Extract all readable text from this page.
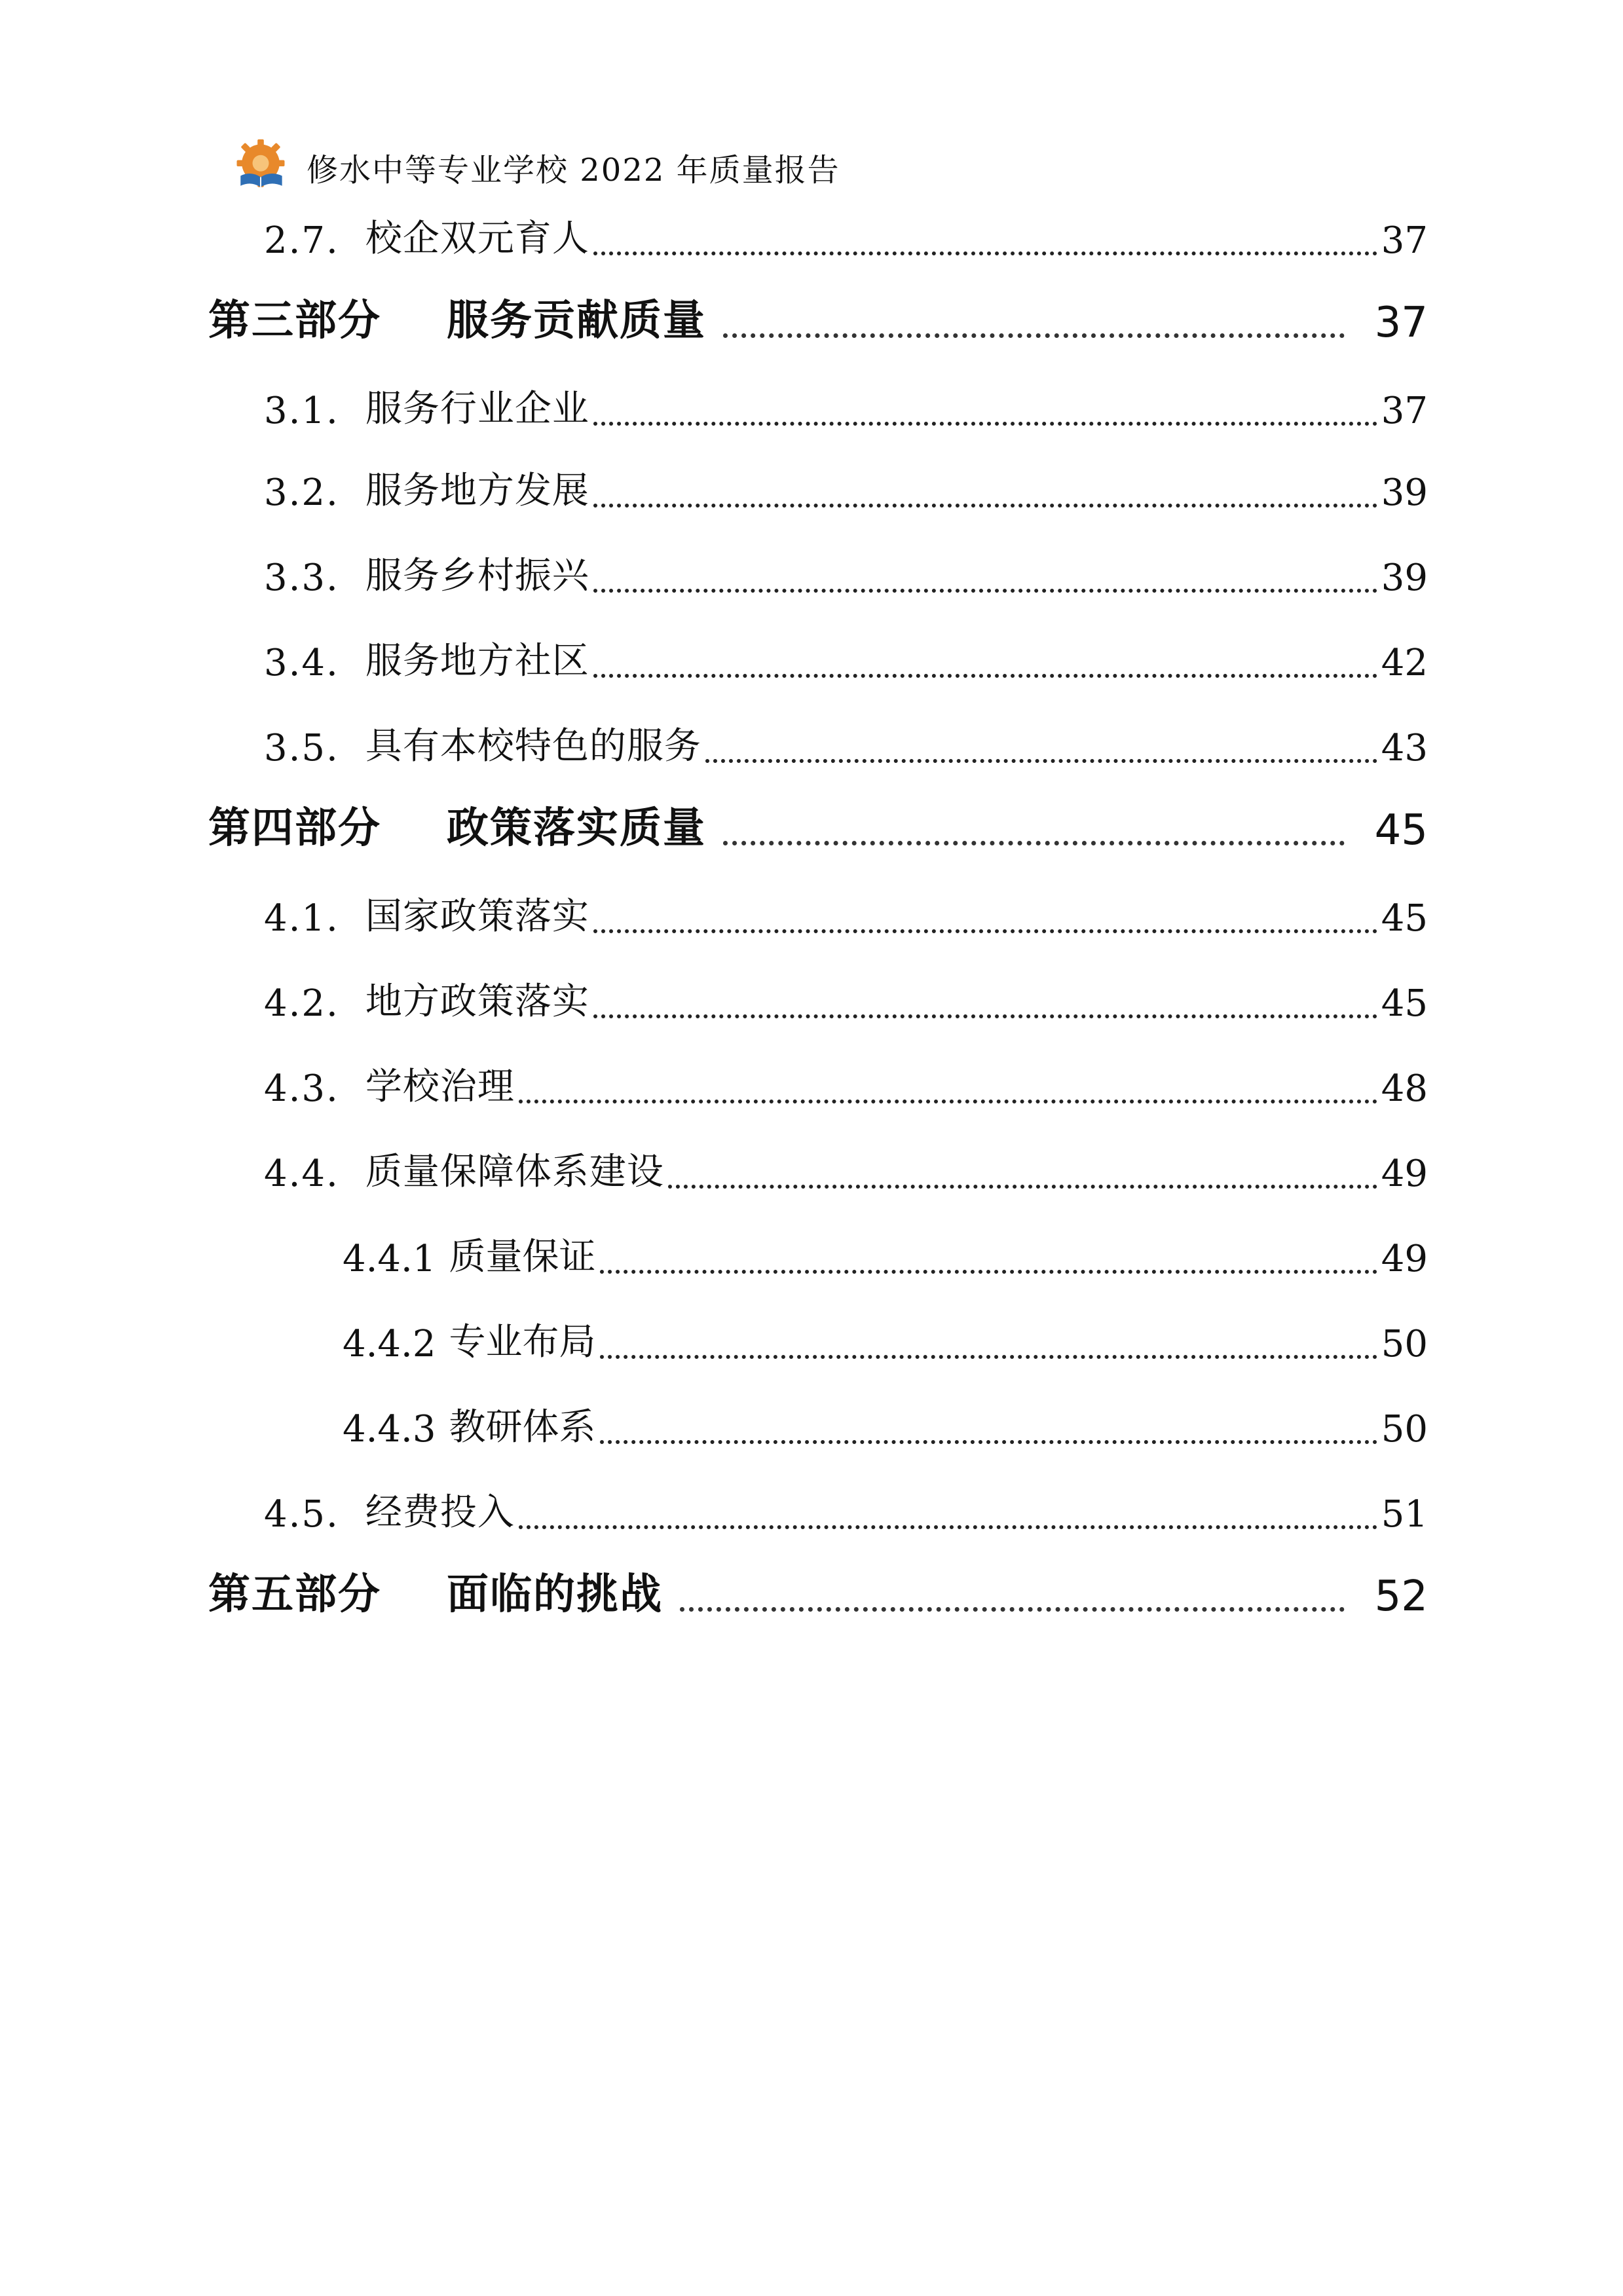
修水中等专业学校 2022 年质量报告
2.7. 校企双元育人	37
第三部分 服务贡献质量	37
3.1. 服务行业企业	37
3.2. 服务地方发展	39
3.3. 服务乡村振兴	39
3.4. 服务地方社区	42
3.5. 具有本校特色的服务	43
第四部分 政策落实质量	45
4.1. 国家政策落实	45
4.2. 地方政策落实	45
4.3. 学校治理	48
4.4. 质量保障体系建设	49
4.4.1 质量保证	49
4.4.2 专业布局	50
4.4.3 教研体系	50
4.5. 经费投入	51
第五部分 面临的挑战	52
